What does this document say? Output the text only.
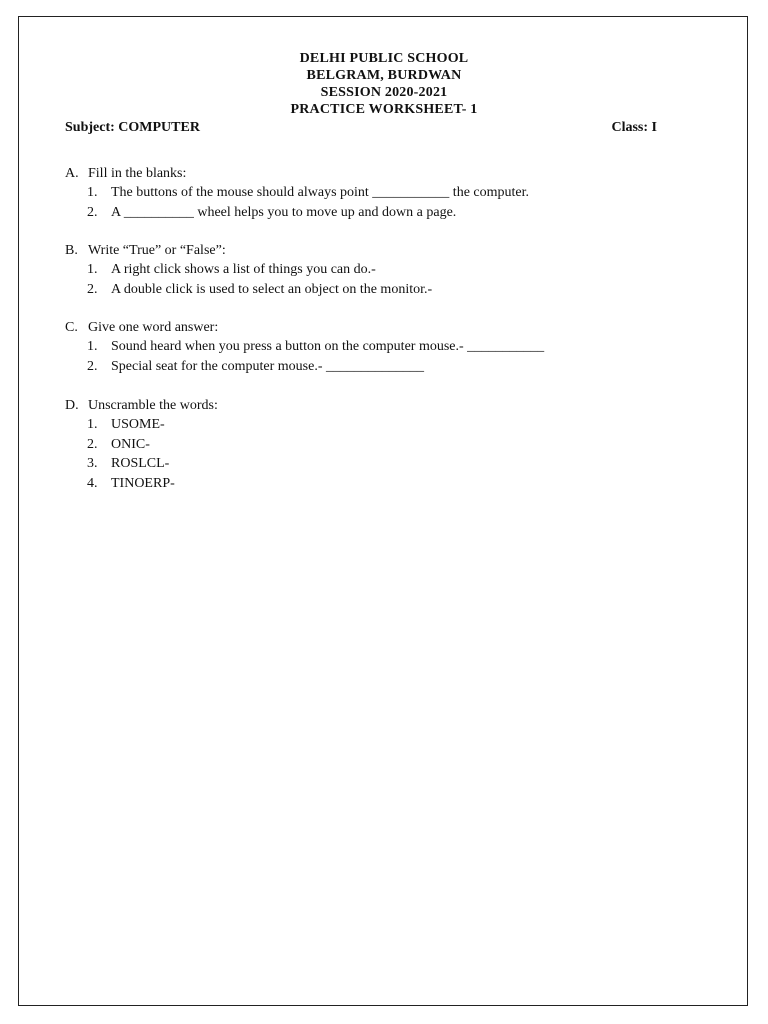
DELHI PUBLIC SCHOOL
BELGRAM, BURDWAN
SESSION 2020-2021
PRACTICE WORKSHEET- 1
Subject: COMPUTER	Class: I
A. Fill in the blanks:
1. The buttons of the mouse should always point ___________ the computer.
2. A __________ wheel helps you to move up and down a page.
B. Write “True” or “False”:
1. A right click shows a list of things you can do.-
2. A double click is used to select an object on the monitor.-
C. Give one word answer:
1. Sound heard when you press a button on the computer mouse.- ___________
2. Special seat for the computer mouse.- ______________
D. Unscramble the words:
1. USOME-
2. ONIC-
3. ROSLCL-
4. TINOERP-
